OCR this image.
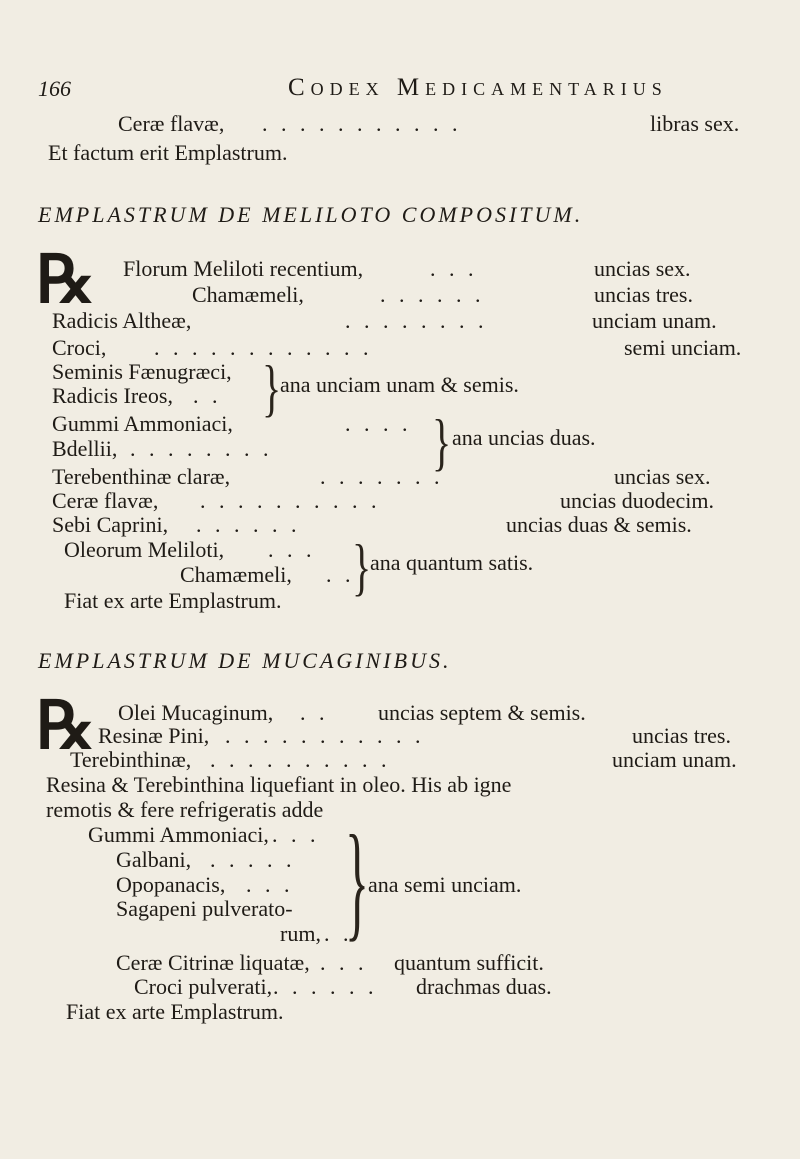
166	Codex Medicamentarius
Ceræ flavæ, . . . . . . . . . . .	libras sex.
Et factum erit Emplastrum.
EMPLASTRUM DE MELILOTO COMPOSITUM.
℞ Florum Meliloti recentium,	. . .	uncias sex.
Chamæmeli,	. . . . . .	uncias tres.
Radicis Altheæ,	. . . . . . . .	unciam unam.
Croci, . . . . . . . . . . . .	semi unciam.
Seminis Fænugræci,
Radicis Ireos, . . }
ana unciam unam & semis.
Gummi Ammoniaci,	. . . .
Bdellii, . . . . . . . .	} ana uncias duas.
Terebenthinæ claræ,	. . . . . . .	uncias sex.
Ceræ flavæ, . . . . . . . . . .	uncias duodecim.
Sebi Caprini, . . . . . .	uncias duas & semis.
Oleorum Meliloti, . . .
Chamæmeli, . .
}
ana quantum satis.
Fiat ex arte Emplastrum.
EMPLASTRUM DE MUCAGINIBUS.
℞ Olei Mucaginum, . . uncias septem & semis.
Resinæ Pini, . . . . . . . . . . .	uncias tres.
Terebinthinæ, . . . . . . . . . .	unciam unam.
Resina & Terebinthina liquefiant in oleo. His ab igne
remotis & fere refrigeratis adde
Gummi Ammoniaci, . . .
Galbani, . . . . .
Opopanacis, . . .
Sagapeni pulverato-
rum, . .
} ana semi unciam.
Ceræ Citrinæ liquatæ, . . . quantum sufficit.
Croci pulverati, . . . . . . drachmas duas.
Fiat ex arte Emplastrum.
